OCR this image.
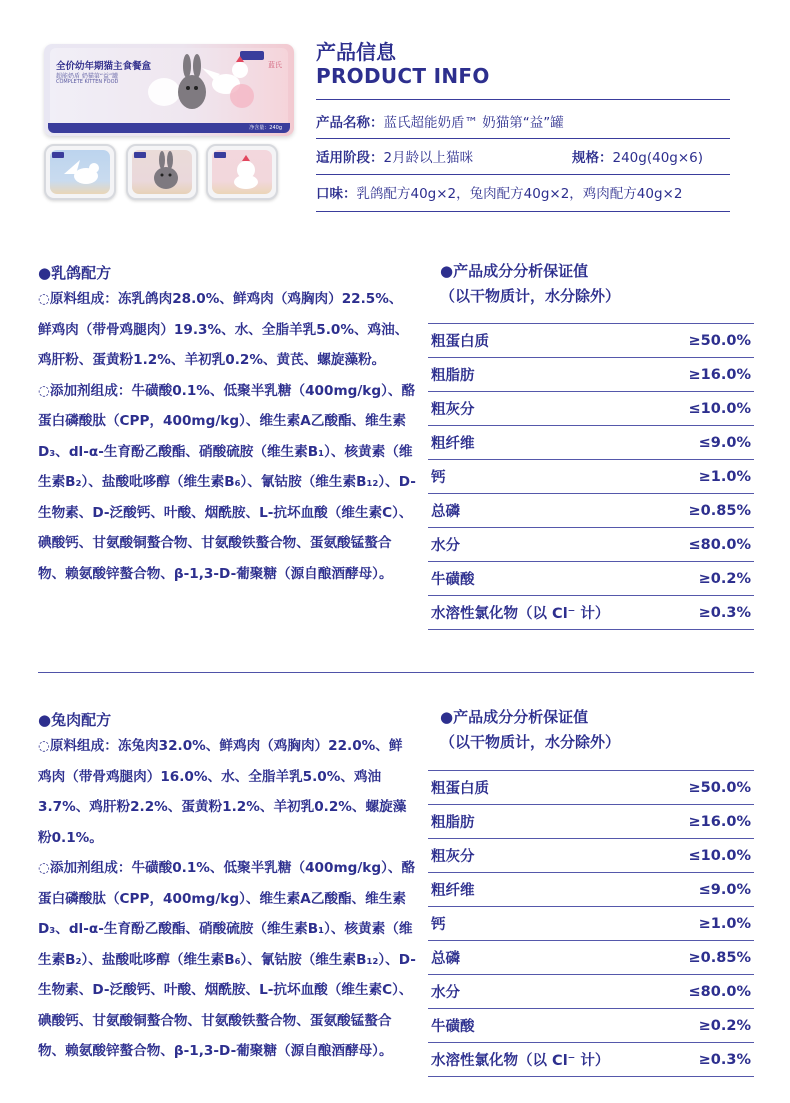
全价幼年期猫主食餐盒
超能奶盾 奶猫第“益”罐
COMPLETE KITTEN FOOD
蓝氏
净含量：240g
产品信息
PRODUCT INFO
产品名称：蓝氏超能奶盾™ 奶猫第“益”罐
适用阶段：2月龄以上猫咪	规格：240g(40g×6)
口味：乳鸽配方40g×2，兔肉配方40g×2，鸡肉配方40g×2
●乳鸽配方

◌原料组成：冻乳鸽肉28.0%、鲜鸡肉（鸡胸肉）22.5%、鲜鸡肉（带骨鸡腿肉）19.3%、水、全脂羊乳5.0%、鸡油、鸡肝粉、蛋黄粉1.2%、羊初乳0.2%、黄芪、螺旋藻粉。

◌添加剂组成：牛磺酸0.1%、低聚半乳糖（400mg/kg）、酪蛋白磷酸肽（CPP，400mg/kg）、维生素A乙酸酯、维生素D₃、dl-α-生育酚乙酸酯、硝酸硫胺（维生素B₁）、核黄素（维生素B₂）、盐酸吡哆醇（维生素B₆）、氰钴胺（维生素B₁₂）、D-生物素、D-泛酸钙、叶酸、烟酰胺、L-抗坏血酸（维生素C）、碘酸钙、甘氨酸铜螯合物、甘氨酸铁螯合物、蛋氨酸锰螯合物、赖氨酸锌螯合物、β-1,3-D-葡聚糖（源自酿酒酵母）。

●产品成分分析保证值
（以干物质计，水分除外）
粗蛋白质	≥50.0%
粗脂肪	≥16.0%
粗灰分	≤10.0%
粗纤维	≤9.0%
钙	≥1.0%
总磷	≥0.85%
水分	≤80.0%
牛磺酸	≥0.2%
水溶性氯化物（以 Cl⁻ 计）	≥0.3%
●兔肉配方

◌原料组成：冻兔肉32.0%、鲜鸡肉（鸡胸肉）22.0%、鲜鸡肉（带骨鸡腿肉）16.0%、水、全脂羊乳5.0%、鸡油3.7%、鸡肝粉2.2%、蛋黄粉1.2%、羊初乳0.2%、螺旋藻粉0.1%。

◌添加剂组成：牛磺酸0.1%、低聚半乳糖（400mg/kg）、酪蛋白磷酸肽（CPP，400mg/kg）、维生素A乙酸酯、维生素D₃、dl-α-生育酚乙酸酯、硝酸硫胺（维生素B₁）、核黄素（维生素B₂）、盐酸吡哆醇（维生素B₆）、氰钴胺（维生素B₁₂）、D-生物素、D-泛酸钙、叶酸、烟酰胺、L-抗坏血酸（维生素C）、碘酸钙、甘氨酸铜螯合物、甘氨酸铁螯合物、蛋氨酸锰螯合物、赖氨酸锌螯合物、β-1,3-D-葡聚糖（源自酿酒酵母）。

●产品成分分析保证值
（以干物质计，水分除外）
粗蛋白质	≥50.0%
粗脂肪	≥16.0%
粗灰分	≤10.0%
粗纤维	≤9.0%
钙	≥1.0%
总磷	≥0.85%
水分	≤80.0%
牛磺酸	≥0.2%
水溶性氯化物（以 Cl⁻ 计）	≥0.3%
